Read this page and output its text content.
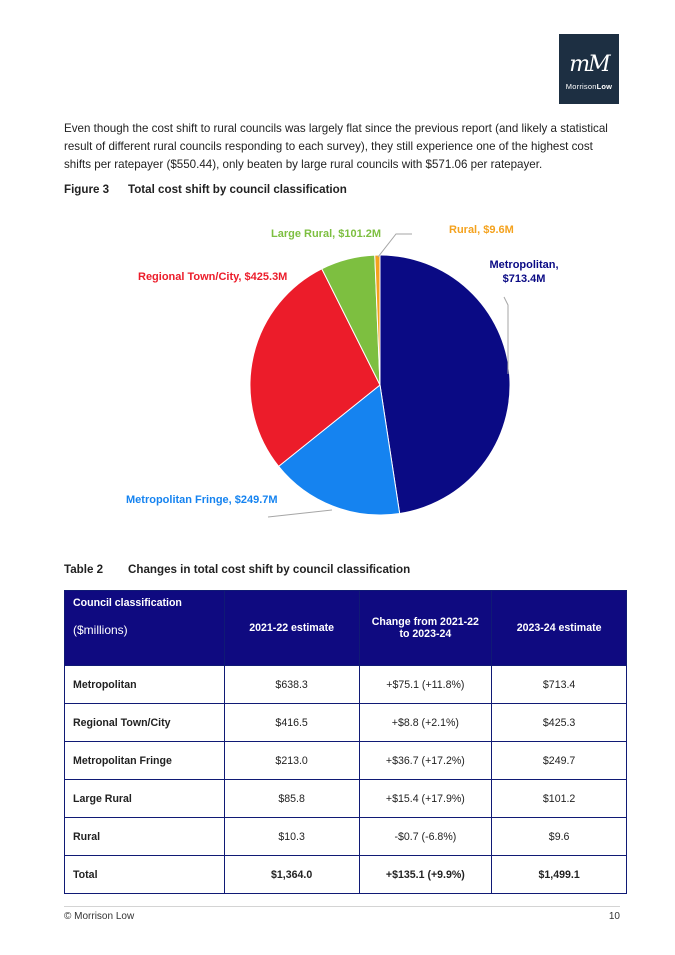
mM
MorrisonLow

Even though the cost shift to rural councils was largely flat since the previous report (and likely a statistical result of different rural councils responding to each survey), they still experience one of the highest cost shifts per ratepayer ($550.44), only beaten by large rural councils with $571.06 per ratepayer.

Figure 3 Total cost shift by council classification
Metropolitan,
$713.4M
Metropolitan Fringe, $249.7M
Regional Town/City, $425.3M
Large Rural, $101.2M	Rural, $9.6M
Table 2 Changes in total cost shift by council classification
Council classification
($millions)	2021-22 estimate	Change from 2021-22 to 2023-24	2023-24 estimate
Metropolitan	$638.3	+$75.1 (+11.8%)	$713.4
Regional Town/City	$416.5	+$8.8 (+2.1%)	$425.3
Metropolitan Fringe	$213.0	+$36.7 (+17.2%)	$249.7
Large Rural	$85.8	+$15.4 (+17.9%)	$101.2
Rural	$10.3	-$0.7 (-6.8%)	$9.6
Total	$1,364.0	+$135.1 (+9.9%)	$1,499.1
© Morrison Low	10
